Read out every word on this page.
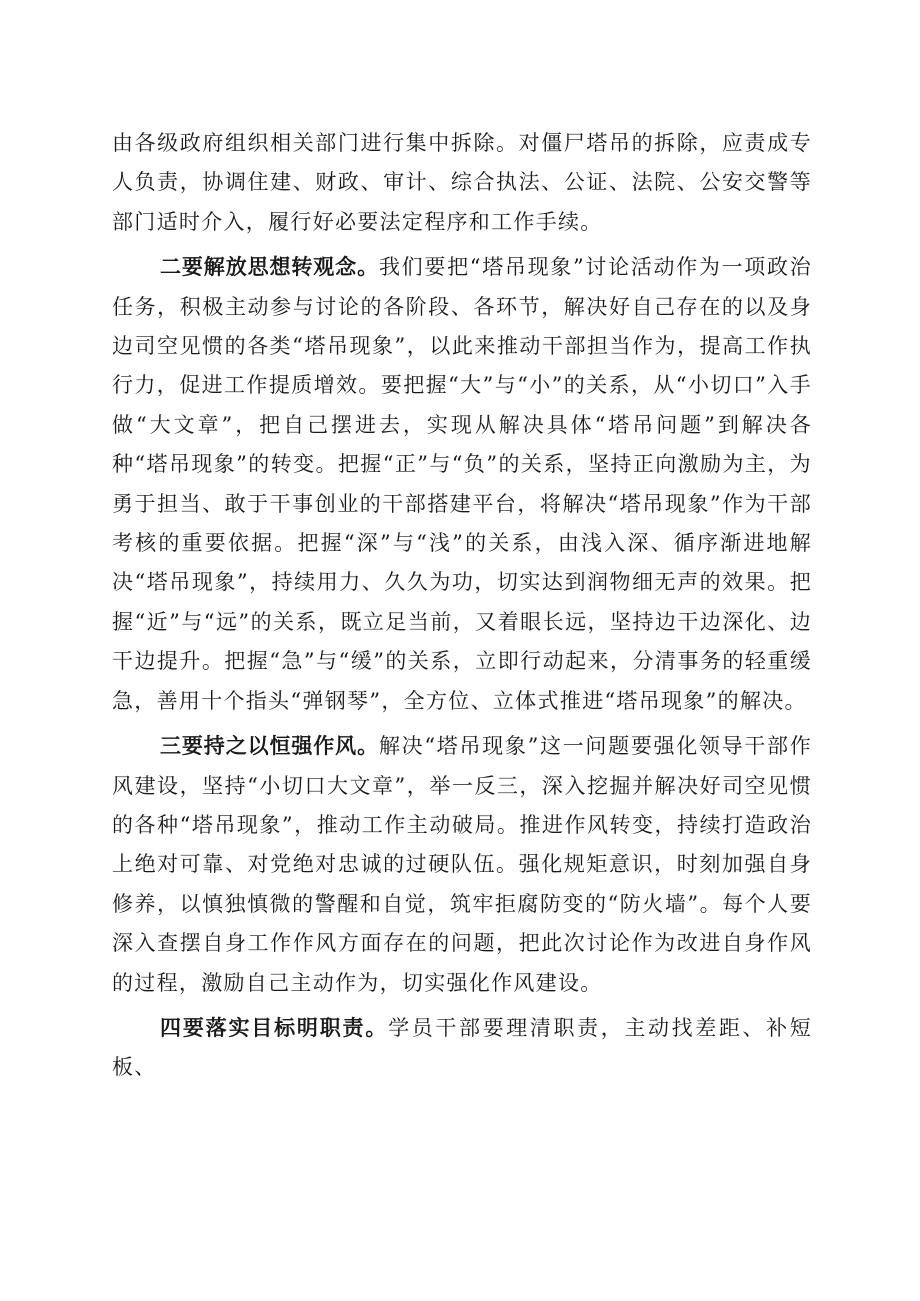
由各级政府组织相关部门进行集中拆除。对僵尸塔吊的拆除，应责成专人负责，协调住建、财政、审计、综合执法、公证、法院、公安交警等部门适时介入，履行好必要法定程序和工作手续。

二要解放思想转观念。我们要把“塔吊现象”讨论活动作为一项政治任务，积极主动参与讨论的各阶段、各环节，解决好自己存在的以及身边司空见惯的各类“塔吊现象”，以此来推动干部担当作为，提高工作执行力，促进工作提质增效。要把握“大”与“小”的关系，从“小切口”入手做“大文章”，把自己摆进去，实现从解决具体“塔吊问题”到解决各种“塔吊现象”的转变。把握“正”与“负”的关系，坚持正向激励为主，为勇于担当、敢于干事创业的干部搭建平台，将解决“塔吊现象”作为干部考核的重要依据。把握“深”与“浅”的关系，由浅入深、循序渐进地解决“塔吊现象”，持续用力、久久为功，切实达到润物细无声的效果。把握“近”与“远”的关系，既立足当前，又着眼长远，坚持边干边深化、边干边提升。把握“急”与“缓”的关系，立即行动起来，分清事务的轻重缓急，善用十个指头“弹钢琴”，全方位、立体式推进“塔吊现象”的解决。

三要持之以恒强作风。解决“塔吊现象”这一问题要强化领导干部作风建设，坚持“小切口大文章”，举一反三，深入挖掘并解决好司空见惯的各种“塔吊现象”，推动工作主动破局。推进作风转变，持续打造政治上绝对可靠、对党绝对忠诚的过硬队伍。强化规矩意识，时刻加强自身修养，以慎独慎微的警醒和自觉，筑牢拒腐防变的“防火墙”。每个人要深入查摆自身工作作风方面存在的问题，把此次讨论作为改进自身作风的过程，激励自己主动作为，切实强化作风建设。

四要落实目标明职责。学员干部要理清职责，主动找差距、补短板、
